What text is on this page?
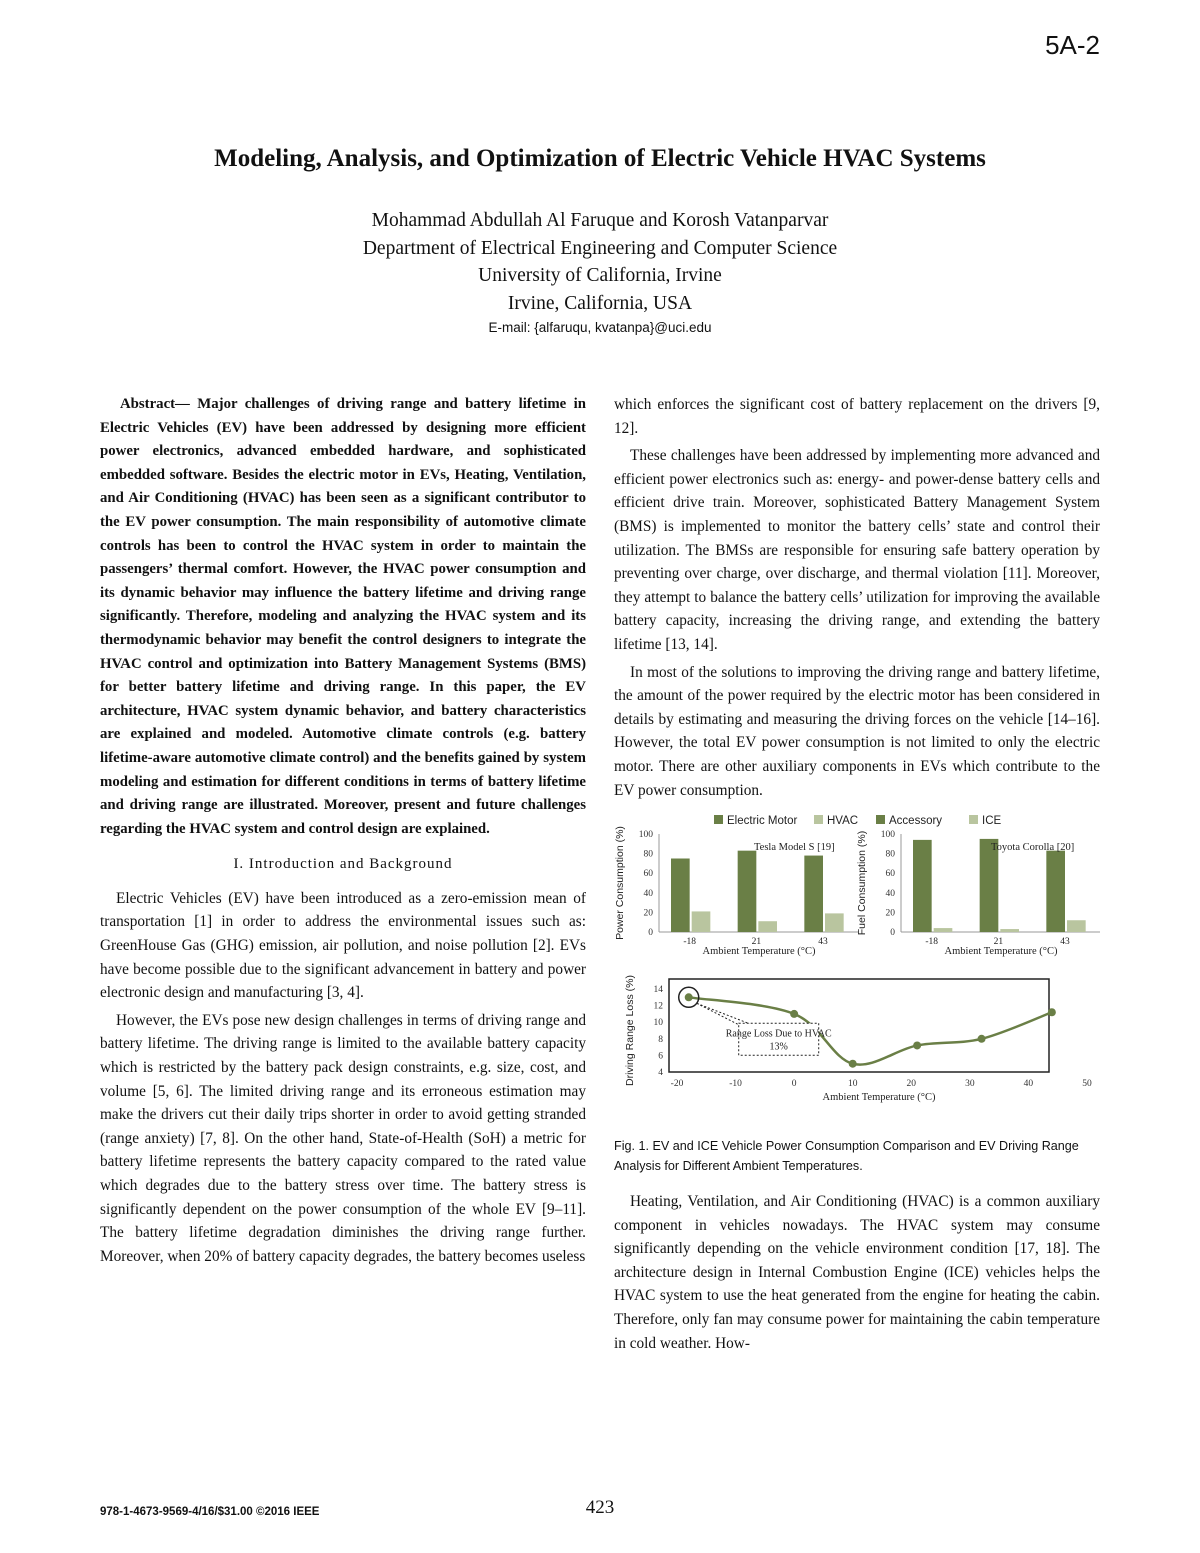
5A-2
Modeling, Analysis, and Optimization of Electric Vehicle HVAC Systems
Mohammad Abdullah Al Faruque and Korosh Vatanparvar
Department of Electrical Engineering and Computer Science
University of California, Irvine
Irvine, California, USA
E-mail: {alfaruqu, kvatanpa}@uci.edu

Abstract— Major challenges of driving range and battery lifetime in Electric Vehicles (EV) have been addressed by designing more efficient power electronics, advanced embedded hardware, and sophisticated embedded software. Besides the electric motor in EVs, Heating, Ventilation, and Air Conditioning (HVAC) has been seen as a significant contributor to the EV power consumption. The main responsibility of automotive climate controls has been to control the HVAC system in order to maintain the passengers’ thermal comfort. However, the HVAC power consumption and its dynamic behavior may influence the battery lifetime and driving range significantly. Therefore, modeling and analyzing the HVAC system and its thermodynamic behavior may benefit the control designers to integrate the HVAC control and optimization into Battery Management Systems (BMS) for better battery lifetime and driving range. In this paper, the EV architecture, HVAC system dynamic behavior, and battery characteristics are explained and modeled. Automotive climate controls (e.g. battery lifetime-aware automotive climate control) and the benefits gained by system modeling and estimation for different conditions in terms of battery lifetime and driving range are illustrated. Moreover, present and future challenges regarding the HVAC system and control design are explained.

I. Introduction and Background

Electric Vehicles (EV) have been introduced as a zero-emission mean of transportation [1] in order to address the environmental issues such as: GreenHouse Gas (GHG) emission, air pollution, and noise pollution [2]. EVs have become possible due to the significant advancement in battery and power electronic design and manufacturing [3, 4].

However, the EVs pose new design challenges in terms of driving range and battery lifetime. The driving range is limited to the available battery capacity which is restricted by the battery pack design constraints, e.g. size, cost, and volume [5, 6]. The limited driving range and its erroneous estimation may make the drivers cut their daily trips shorter in order to avoid getting stranded (range anxiety) [7, 8]. On the other hand, State-of-Health (SoH) a metric for battery lifetime represents the battery capacity compared to the rated value which degrades due to the battery stress over time. The battery stress is significantly dependent on the power consumption of the whole EV [9–11]. The battery lifetime degradation diminishes the driving range further. Moreover, when 20% of battery capacity degrades, the battery becomes useless

which enforces the significant cost of battery replacement on the drivers [9, 12].

These challenges have been addressed by implementing more advanced and efficient power electronics such as: energy- and power-dense battery cells and efficient drive train. Moreover, sophisticated Battery Management System (BMS) is implemented to monitor the battery cells’ state and control their utilization. The BMSs are responsible for ensuring safe battery operation by preventing over charge, over discharge, and thermal violation [11]. Moreover, they attempt to balance the battery cells’ utilization for improving the available battery capacity, increasing the driving range, and extending the battery lifetime [13, 14].

In most of the solutions to improving the driving range and battery lifetime, the amount of the power required by the electric motor has been considered in details by estimating and measuring the driving forces on the vehicle [14–16]. However, the total EV power consumption is not limited to only the electric motor. There are other auxiliary components in EVs which contribute to the EV power consumption.

Electric Motor	HVAC	Accessory	ICE
Power Consumption (%) 0
20
40
60
80
100
-18	21	43
Ambient Temperature (°C)
Tesla Model S [19] Fuel Consumption (%) 0
20
40
60
80
100
-18	21	43
Ambient Temperature (°C)
Toyota Corolla [20]
Driving Range Loss (%) 4
6
8
10
12
14
-20	-10	0	10	20	30	40	50
Ambient Temperature (°C)
Range Loss Due to HVAC
13%

Fig. 1. EV and ICE Vehicle Power Consumption Comparison and EV Driving Range Analysis for Different Ambient Temperatures.

Heating, Ventilation, and Air Conditioning (HVAC) is a common auxiliary component in vehicles nowadays. The HVAC system may consume significantly depending on the vehicle environment condition [17, 18]. The architecture design in Internal Combustion Engine (ICE) vehicles helps the HVAC system to use the heat generated from the engine for heating the cabin. Therefore, only fan may consume power for maintaining the cabin temperature in cold weather. How-

978-1-4673-9569-4/16/$31.00 ©2016 IEEE	423
